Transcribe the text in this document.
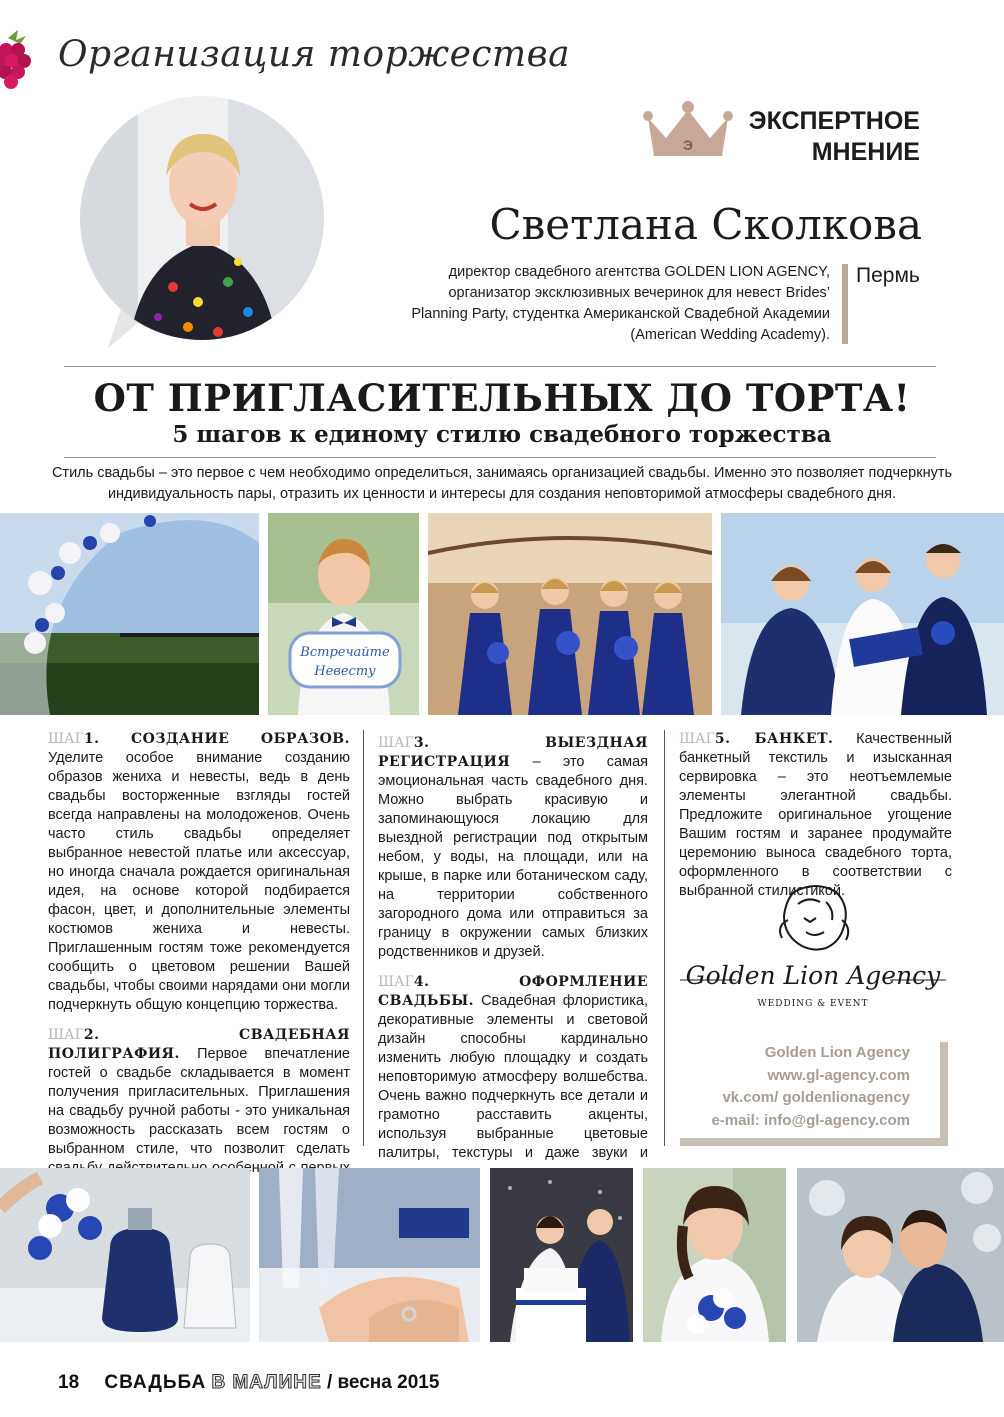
Организация торжества
Э
ЭКСПЕРТНОЕ
МНЕНИЕ
Светлана Сколкова
директор свадебного агентства GOLDEN LION AGENCY,
организатор эксклюзивных вечеринок для невест Brides’
Planning Party, студентка Американской Свадебной Академии
(American Wedding Academy).
Пермь
ОТ ПРИГЛАСИТЕЛЬНЫХ ДО ТОРТА!
5 шагов к единому стилю свадебного торжества
Стиль свадьбы – это первое с чем необходимо определиться, занимаясь организацией свадьбы. Именно это позволяет подчеркнуть индивидуальность пары, отразить их ценности и интересы для создания неповторимой атмосферы свадебного дня.
Встречайте
Невесту

ШАГ1. СОЗДАНИЕ ОБРАЗОВ. Уделите особое внимание созданию образов жениха и невесты, ведь в день свадьбы восторженные взгляды гостей всегда направлены на молодоженов. Очень часто стиль свадьбы определяет выбранное невестой платье или аксессуар, но иногда сначала рождается оригинальная идея, на основе которой подбирается фасон, цвет, и дополнительные элементы костюмов жениха и невесты. Приглашенным гостям тоже рекомендуется сообщить о цветовом решении Вашей свадьбы, чтобы своими нарядами они могли подчеркнуть общую концепцию торжества.

ШАГ2. СВАДЕБНАЯ ПОЛИГРАФИЯ. Первое впечатление гостей о свадьбе складывается в момент получения пригласительных. Приглашения на свадьбу ручной работы - это уникальная возможность рассказать всем гостям о выбранном стиле, что позволит сделать

ШАГ3. ВЫЕЗДНАЯ РЕГИСТРАЦИЯ – это самая эмоциональная часть свадебного дня. Можно выбрать красивую и запоминающуюся локацию для выездной регистрации под открытым небом, у воды, на площади, или на крыше, в парке или ботаническом саду, на территории собственного загородного дома или отправиться за границу в окружении самых близких родственников и друзей.

ШАГ4. ОФОРМЛЕНИЕ СВАДЬБЫ. Свадебная флористика, декоративные элементы и световой дизайн способны кардинально изменить любую площадку и создать неповторимую атмосферу волшебства. Очень важно подчеркнуть все детали и грамотно расставить акценты, используя выбранные цветовые палитры, текстуры и даже звуки и

ШАГ5. БАНКЕТ. Качественный банкетный текстиль и изысканная сервировка – это неотъемлемые элементы элегантной свадьбы. Предложите оригинальное угощение Вашим гостям и заранее продумайте церемонию выноса свадебного торта, оформленного в соответствии с выбранной стилистикой.

Golden Lion Agency
WEDDING & EVENT
Golden Lion Agency
www.gl-agency.com
vk.com/ goldenlionagency
e-mail: info@gl-agency.com
18 СВАДЬБА В МАЛИНЕ / весна 2015
